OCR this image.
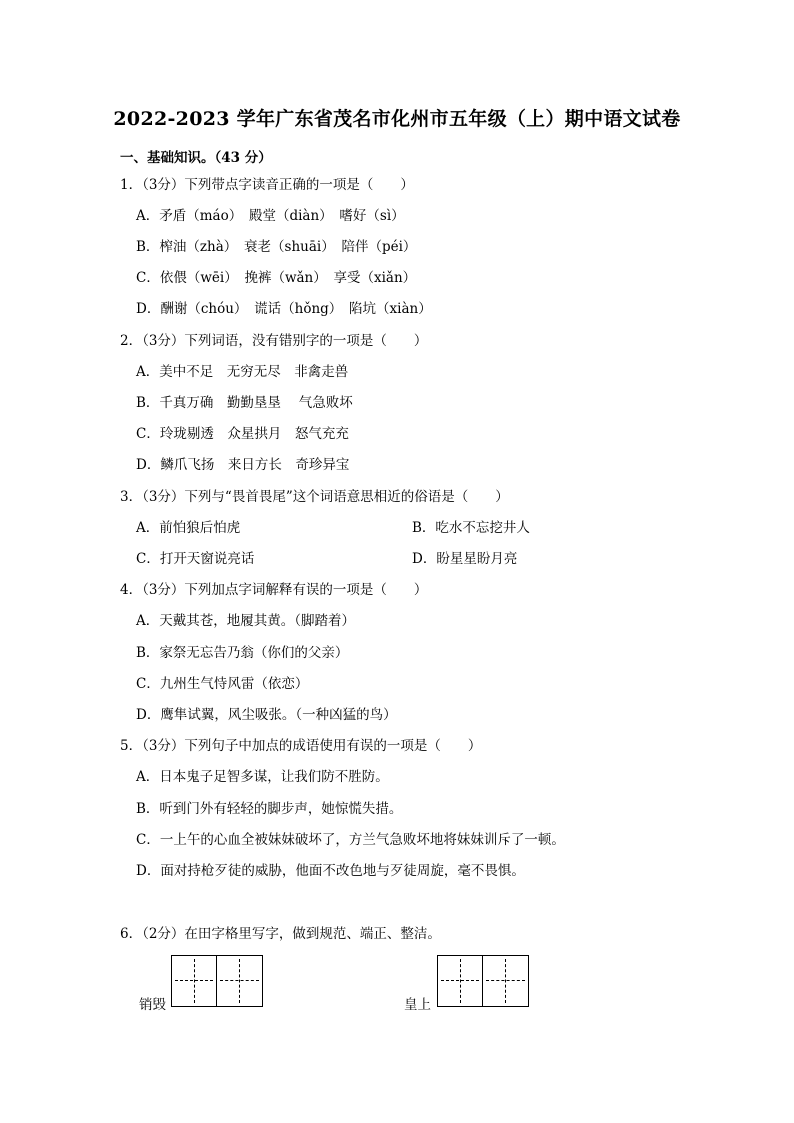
2022-2023 学年广东省茂名市化州市五年级（上）期中语文试卷
一、基础知识。（43 分）
1．（3分）下列带点字读音正确的一项是（　　）
A．矛盾（máo）　殿堂（diàn）　嗜好（sì）
B．榨油（zhà）　衰老（shuāi）　陪伴（péi）
C．依偎（wēi）　挽裤（wǎn）　享受（xiǎn）
D．酬谢（chóu）　谎话（hǒng）　陷坑（xiàn）
2．（3分）下列词语，没有错别字的一项是（　　）
A．美中不足　无穷无尽　非禽走兽
B．千真万确　勤勤垦垦　 气急败坏
C．玲珑剔透　众星拱月　怒气充充
D．鳞爪飞扬　来日方长　奇珍异宝
3．（3分）下列与“畏首畏尾”这个词语意思相近的俗语是（　　）
A．前怕狼后怕虎	B．吃水不忘挖井人
C．打开天窗说亮话	D．盼星星盼月亮
4．（3分）下列加点字词解释有误的一项是（　　）
A．天戴其苍，地履其黄。（脚踏着）
B．家祭无忘告乃翁（你们的父亲）
C．九州生气恃风雷（依恋）
D．鹰隼试翼，风尘吸张。（一种凶猛的鸟）
5．（3分）下列句子中加点的成语使用有误的一项是（　　）
A．日本鬼子足智多谋，让我们防不胜防。
B．听到门外有轻轻的脚步声，她惊慌失措。
C．一上午的心血全被妹妹破坏了，方兰气急败坏地将妹妹训斥了一顿。
D．面对持枪歹徒的威胁，他面不改色地与歹徒周旋，毫不畏惧。
6．（2分）在田字格里写字，做到规范、端正、整洁。
销毁	皇上
